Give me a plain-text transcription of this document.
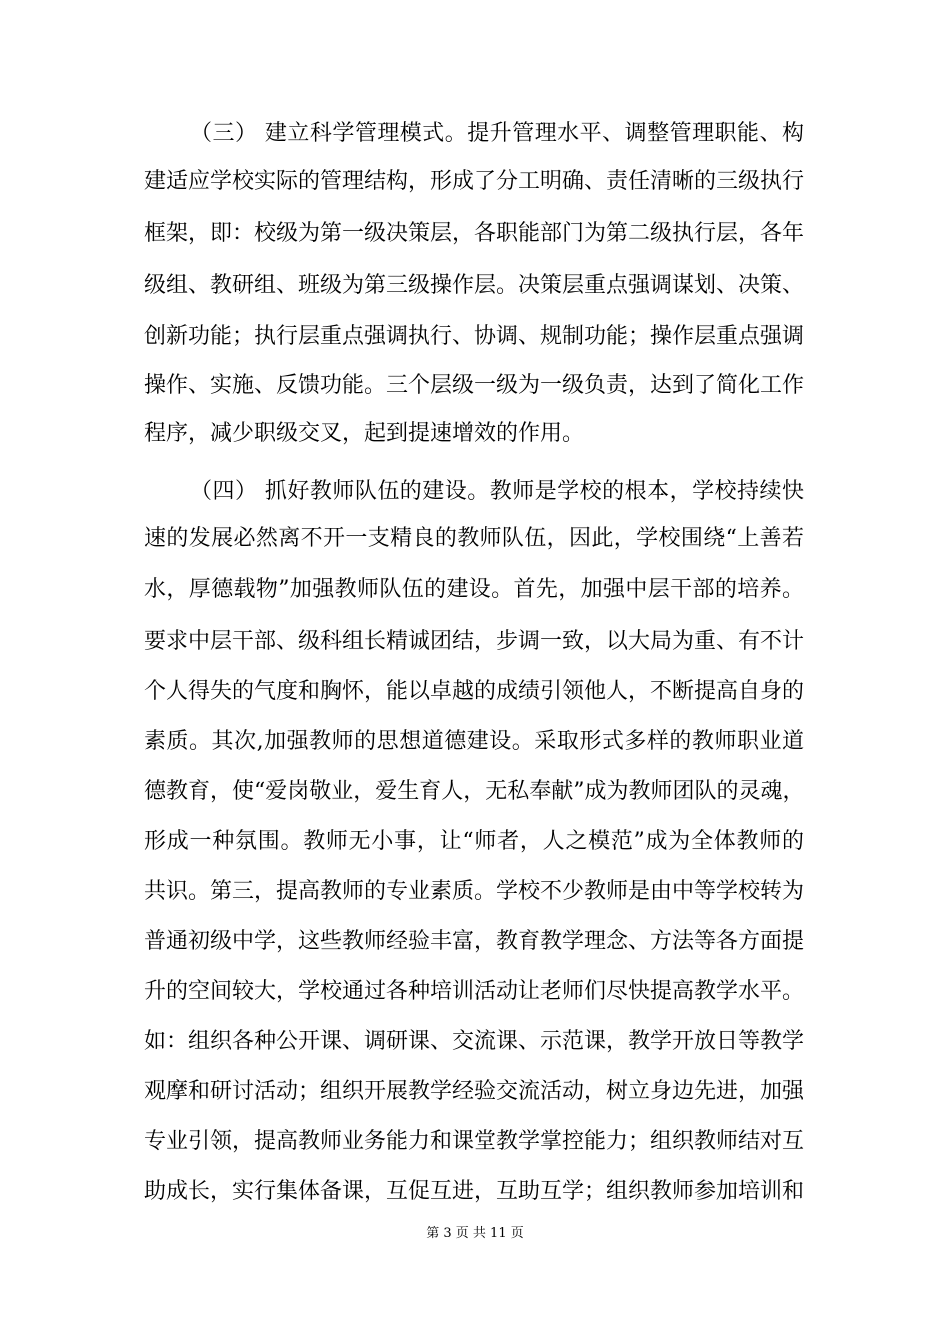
（三） 建立科学管理模式。提升管理水平、调整管理职能、构
建适应学校实际的管理结构，形成了分工明确、责任清晰的三级执行
框架，即：校级为第一级决策层，各职能部门为第二级执行层，各年
级组、教研组、班级为第三级操作层。决策层重点强调谋划、决策、
创新功能；执行层重点强调执行、协调、规制功能；操作层重点强调
操作、实施、反馈功能。三个层级一级为一级负责，达到了简化工作
程序，减少职级交叉，起到提速增效的作用。
（四） 抓好教师队伍的建设。教师是学校的根本，学校持续快
速的发展必然离不开一支精良的教师队伍，因此，学校围绕“上善若
水，厚德载物”加强教师队伍的建设。首先，加强中层干部的培养。
要求中层干部、级科组长精诚团结，步调一致，以大局为重、有不计
个人得失的气度和胸怀，能以卓越的成绩引领他人，不断提高自身的
素质。其次,加强教师的思想道德建设。采取形式多样的教师职业道
德教育，使“爱岗敬业，爱生育人，无私奉献”成为教师团队的灵魂，
形成一种氛围。教师无小事，让“师者，人之模范”成为全体教师的
共识。第三，提高教师的专业素质。学校不少教师是由中等学校转为
普通初级中学，这些教师经验丰富，教育教学理念、方法等各方面提
升的空间较大，学校通过各种培训活动让老师们尽快提高教学水平。
如：组织各种公开课、调研课、交流课、示范课，教学开放日等教学
观摩和研讨活动；组织开展教学经验交流活动，树立身边先进，加强
专业引领，提高教师业务能力和课堂教学掌控能力；组织教师结对互
助成长，实行集体备课，互促互进，互助互学；组织教师参加培训和
第 3 页 共 11 页
